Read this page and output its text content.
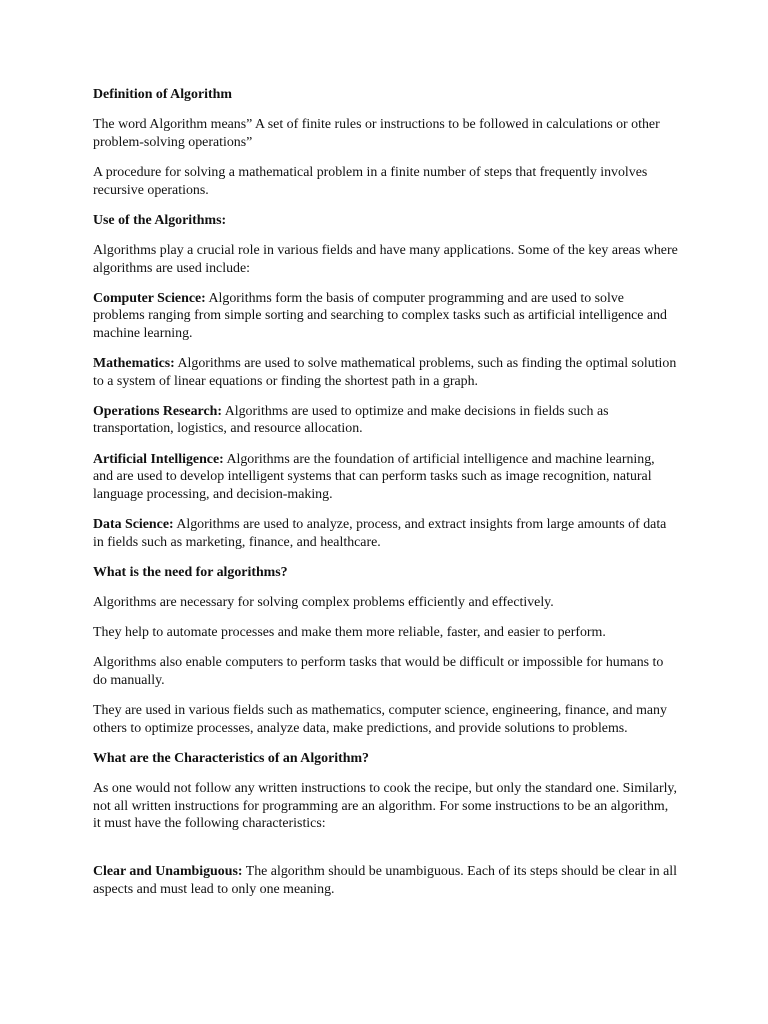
Definition of Algorithm

The word Algorithm means” A set of finite rules or instructions to be followed in calculations or other problem-solving operations”

A procedure for solving a mathematical problem in a finite number of steps that frequently involves recursive operations.

Use of the Algorithms:

Algorithms play a crucial role in various fields and have many applications. Some of the key areas where algorithms are used include:

Computer Science: Algorithms form the basis of computer programming and are used to solve problems ranging from simple sorting and searching to complex tasks such as artificial intelligence and machine learning.

Mathematics: Algorithms are used to solve mathematical problems, such as finding the optimal solution to a system of linear equations or finding the shortest path in a graph.

Operations Research: Algorithms are used to optimize and make decisions in fields such as transportation, logistics, and resource allocation.

Artificial Intelligence: Algorithms are the foundation of artificial intelligence and machine learning, and are used to develop intelligent systems that can perform tasks such as image recognition, natural language processing, and decision-making.

Data Science: Algorithms are used to analyze, process, and extract insights from large amounts of data in fields such as marketing, finance, and healthcare.

What is the need for algorithms?

Algorithms are necessary for solving complex problems efficiently and effectively.

They help to automate processes and make them more reliable, faster, and easier to perform.

Algorithms also enable computers to perform tasks that would be difficult or impossible for humans to do manually.

They are used in various fields such as mathematics, computer science, engineering, finance, and many others to optimize processes, analyze data, make predictions, and provide solutions to problems.

What are the Characteristics of an Algorithm?

As one would not follow any written instructions to cook the recipe, but only the standard one. Similarly, not all written instructions for programming are an algorithm. For some instructions to be an algorithm, it must have the following characteristics:

Clear and Unambiguous: The algorithm should be unambiguous. Each of its steps should be clear in all aspects and must lead to only one meaning.
